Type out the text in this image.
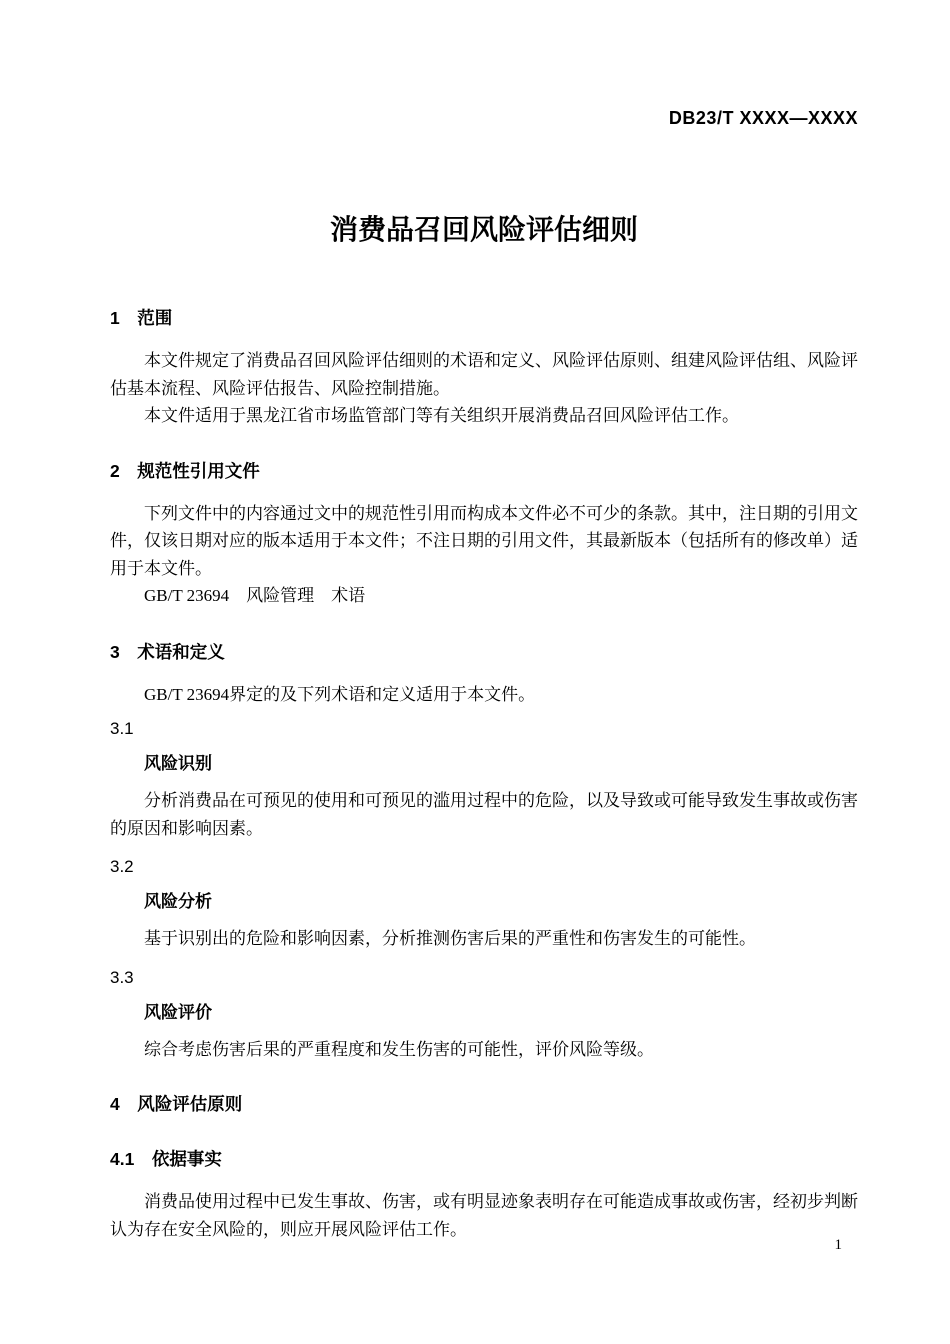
DB23/T XXXX—XXXX
消费品召回风险评估细则
1　范围

本文件规定了消费品召回风险评估细则的术语和定义、风险评估原则、组建风险评估组、风险评估基本流程、风险评估报告、风险控制措施。

本文件适用于黑龙江省市场监管部门等有关组织开展消费品召回风险评估工作。

2　规范性引用文件

下列文件中的内容通过文中的规范性引用而构成本文件必不可少的条款。其中，注日期的引用文件，仅该日期对应的版本适用于本文件；不注日期的引用文件，其最新版本（包括所有的修改单）适用于本文件。

GB/T 23694　风险管理　术语

3　术语和定义

GB/T 23694界定的及下列术语和定义适用于本文件。

3.1
风险识别

分析消费品在可预见的使用和可预见的滥用过程中的危险，以及导致或可能导致发生事故或伤害的原因和影响因素。

3.2
风险分析

基于识别出的危险和影响因素，分析推测伤害后果的严重性和伤害发生的可能性。

3.3
风险评价

综合考虑伤害后果的严重程度和发生伤害的可能性，评价风险等级。

4　风险评估原则
4.1　依据事实

消费品使用过程中已发生事故、伤害，或有明显迹象表明存在可能造成事故或伤害，经初步判断认为存在安全风险的，则应开展风险评估工作。

1
